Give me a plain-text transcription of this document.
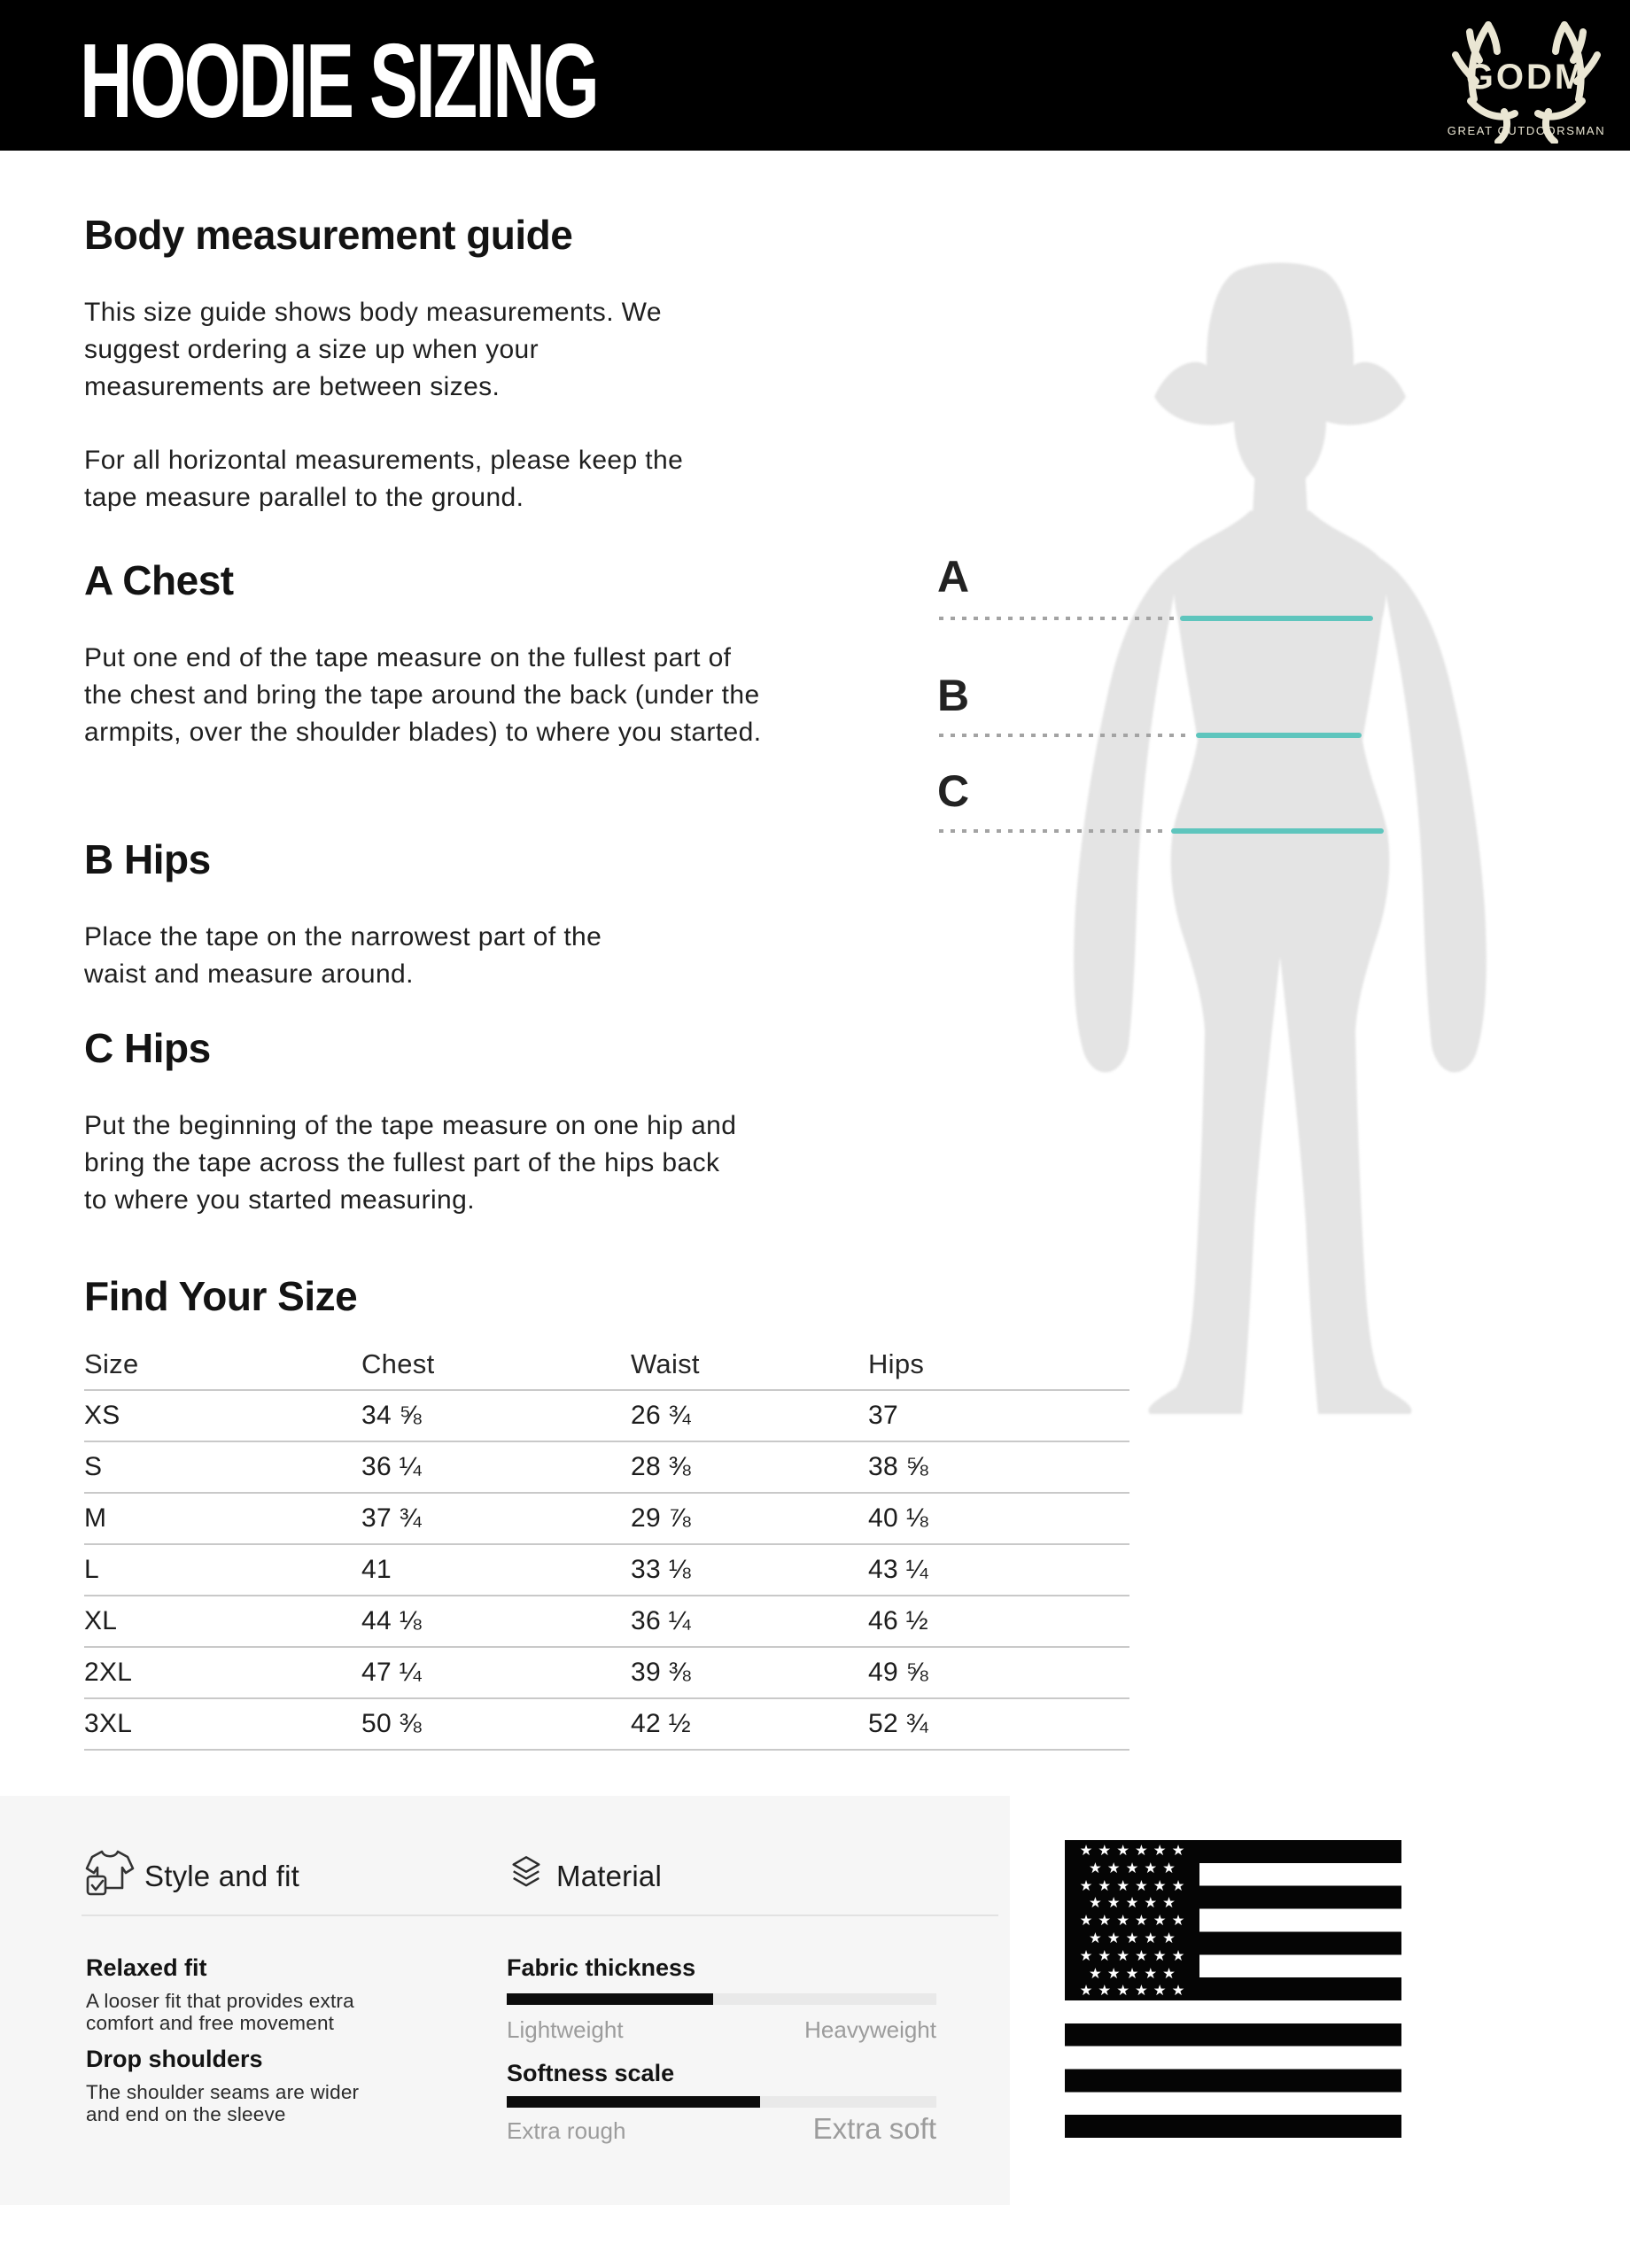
HOODIE SIZING	GODM
GREAT OUTDOORSMAN
Body measurement guide
This size guide shows body measurements. We suggest ordering a size up when your measurements are between sizes.
For all horizontal measurements, please keep the tape measure parallel to the ground.
A Chest
Put one end of the tape measure on the fullest part of the chest and bring the tape around the back (under the armpits, over the shoulder blades) to where you started.
B Hips
Place the tape on the narrowest part of the waist and measure around.
C Hips
Put the beginning of the tape measure on one hip and bring the tape across the fullest part of the hips back to where you started measuring.
A
B
C
Find Your Size
Size	Chest	Waist	Hips
XS	34 ⅝	26 ¾	37
S	36 ¼	28 ⅜	38 ⅝
M	37 ¾	29 ⅞	40 ⅛
L	41	33 ⅛	43 ¼
XL	44 ⅛	36 ¼	46 ½
2XL	47 ¼	39 ⅜	49 ⅝
3XL	50 ⅜	42 ½	52 ¾
★★★★★★
★★★★★
★★★★★★
★★★★★
★★★★★★
★★★★★
★★★★★★
★★★★★
★★★★★★
Style and fit	Material
Relaxed fit
A looser fit that provides extra comfort and free movement
Drop shoulders
The shoulder seams are wider and end on the sleeve
Fabric thickness
Lightweight	Heavyweight
Softness scale
Extra rough	Extra soft
